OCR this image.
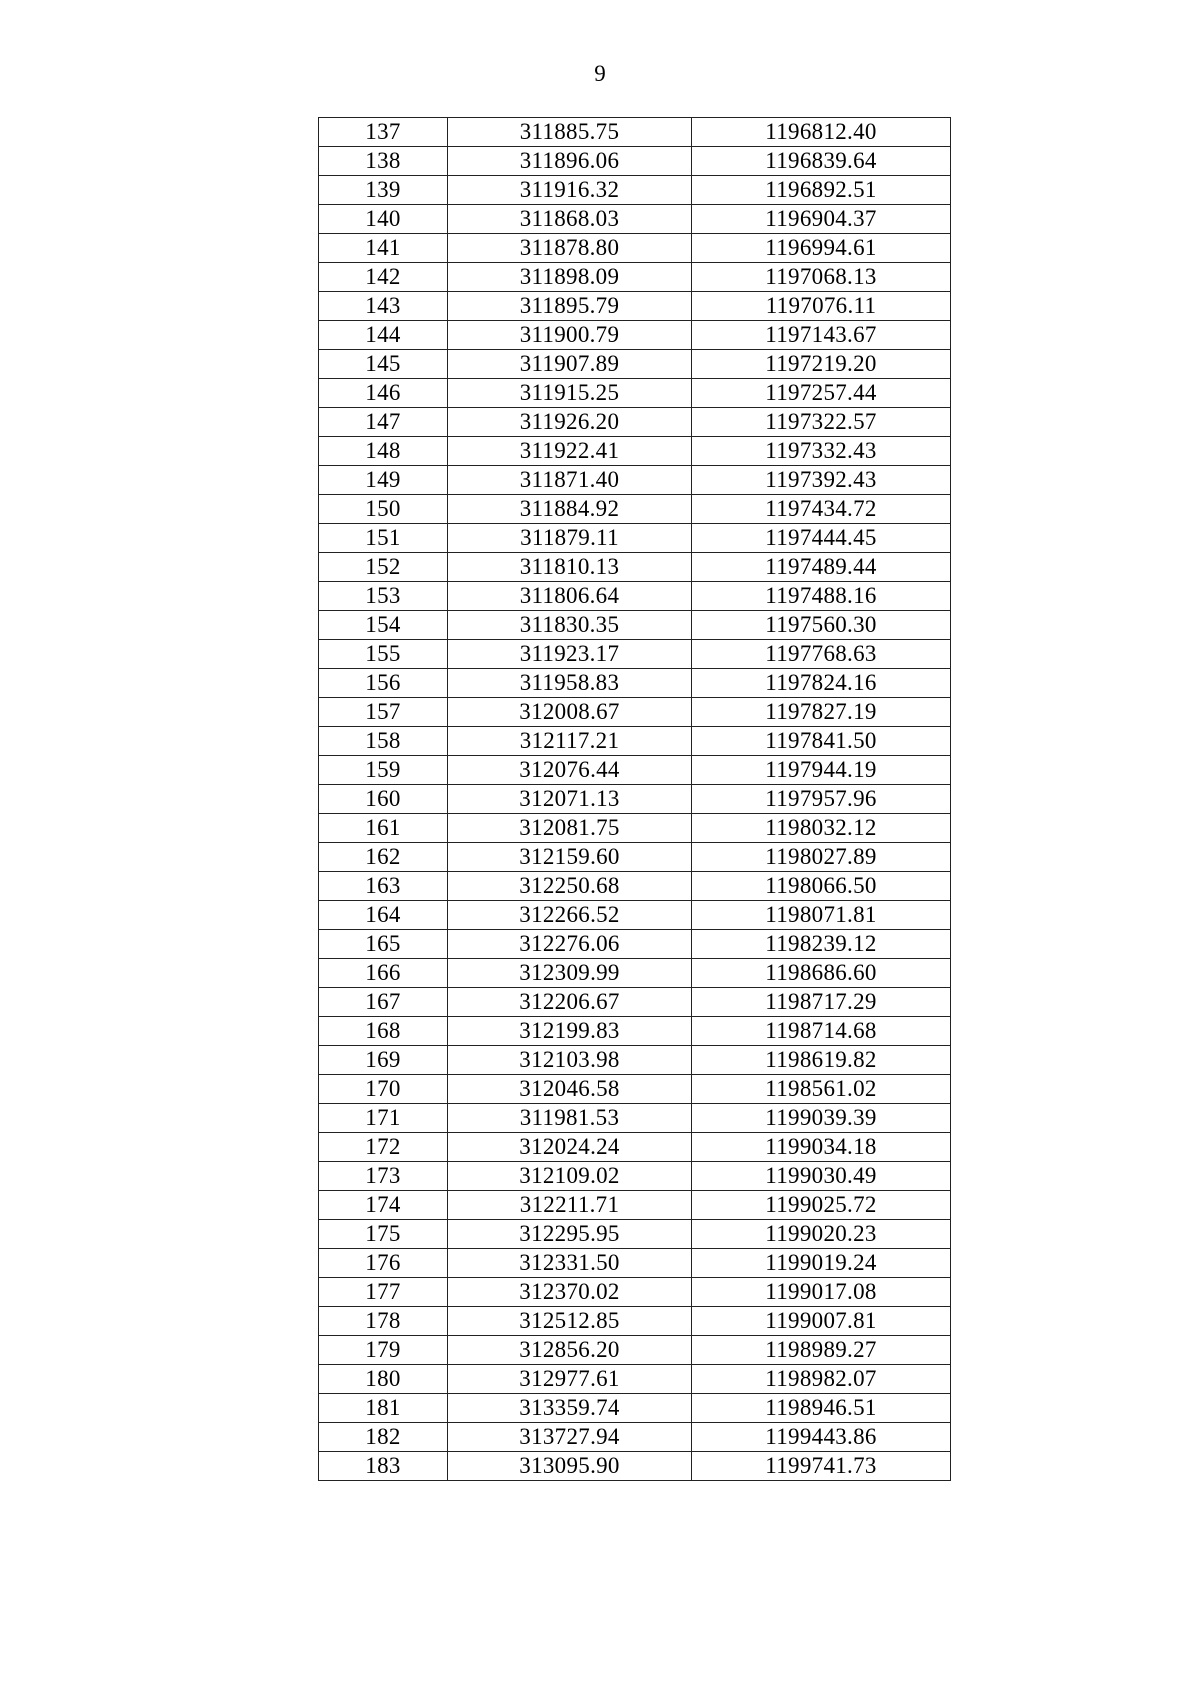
9
137	311885.75	1196812.40
138	311896.06	1196839.64
139	311916.32	1196892.51
140	311868.03	1196904.37
141	311878.80	1196994.61
142	311898.09	1197068.13
143	311895.79	1197076.11
144	311900.79	1197143.67
145	311907.89	1197219.20
146	311915.25	1197257.44
147	311926.20	1197322.57
148	311922.41	1197332.43
149	311871.40	1197392.43
150	311884.92	1197434.72
151	311879.11	1197444.45
152	311810.13	1197489.44
153	311806.64	1197488.16
154	311830.35	1197560.30
155	311923.17	1197768.63
156	311958.83	1197824.16
157	312008.67	1197827.19
158	312117.21	1197841.50
159	312076.44	1197944.19
160	312071.13	1197957.96
161	312081.75	1198032.12
162	312159.60	1198027.89
163	312250.68	1198066.50
164	312266.52	1198071.81
165	312276.06	1198239.12
166	312309.99	1198686.60
167	312206.67	1198717.29
168	312199.83	1198714.68
169	312103.98	1198619.82
170	312046.58	1198561.02
171	311981.53	1199039.39
172	312024.24	1199034.18
173	312109.02	1199030.49
174	312211.71	1199025.72
175	312295.95	1199020.23
176	312331.50	1199019.24
177	312370.02	1199017.08
178	312512.85	1199007.81
179	312856.20	1198989.27
180	312977.61	1198982.07
181	313359.74	1198946.51
182	313727.94	1199443.86
183	313095.90	1199741.73
